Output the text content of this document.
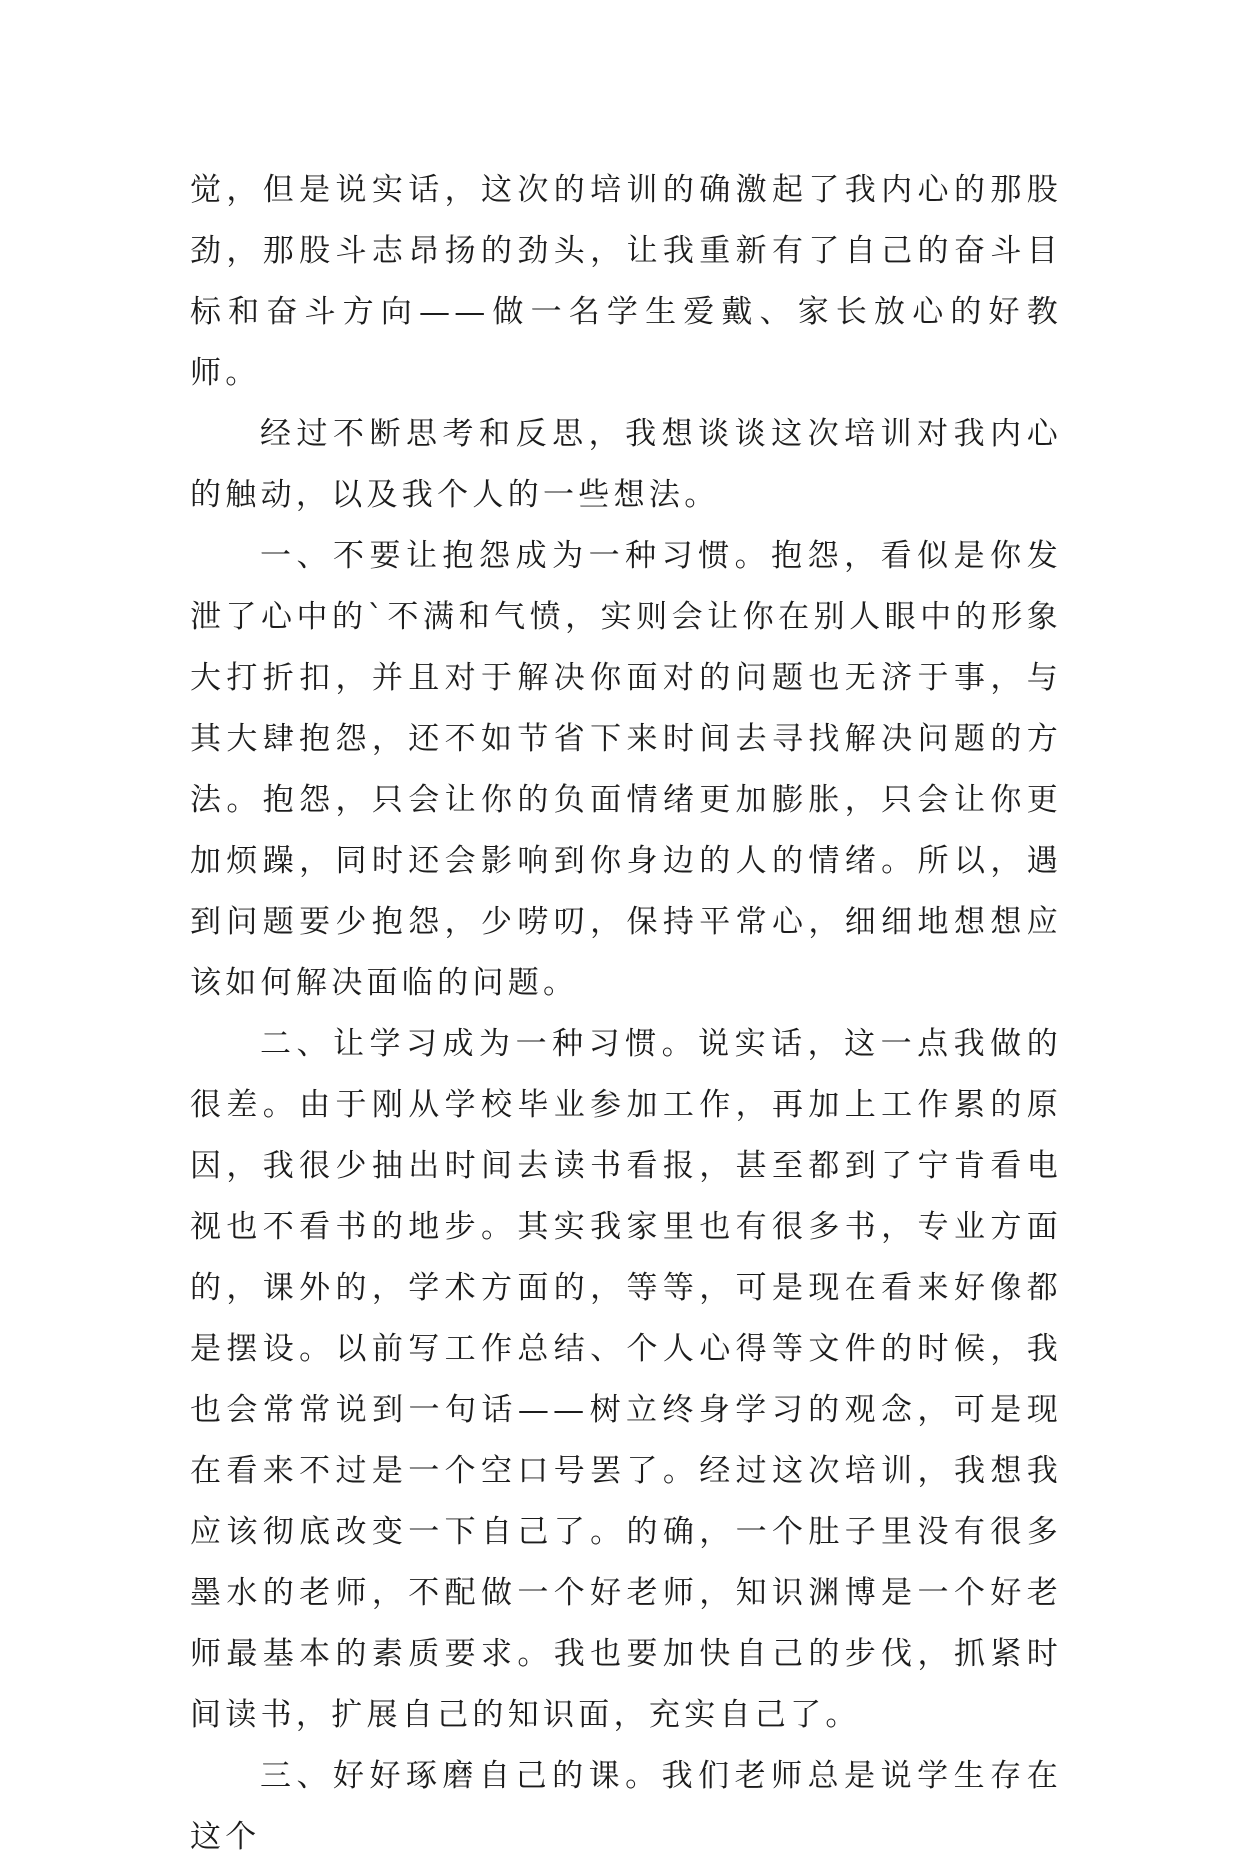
觉，但是说实话，这次的培训的确激起了我内心的那股劲，那股斗志昂扬的劲头，让我重新有了自己的奋斗目标和奋斗方向——做一名学生爱戴、家长放心的好教师。

经过不断思考和反思，我想谈谈这次培训对我内心的触动，以及我个人的一些想法。

一、不要让抱怨成为一种习惯。抱怨，看似是你发泄了心中的`不满和气愤，实则会让你在别人眼中的形象大打折扣，并且对于解决你面对的问题也无济于事，与其大肆抱怨，还不如节省下来时间去寻找解决问题的方法。抱怨，只会让你的负面情绪更加膨胀，只会让你更加烦躁，同时还会影响到你身边的人的情绪。所以，遇到问题要少抱怨，少唠叨，保持平常心，细细地想想应该如何解决面临的问题。

二、让学习成为一种习惯。说实话，这一点我做的很差。由于刚从学校毕业参加工作，再加上工作累的原因，我很少抽出时间去读书看报，甚至都到了宁肯看电视也不看书的地步。其实我家里也有很多书，专业方面的，课外的，学术方面的，等等，可是现在看来好像都是摆设。以前写工作总结、个人心得等文件的时候，我也会常常说到一句话——树立终身学习的观念，可是现在看来不过是一个空口号罢了。经过这次培训，我想我应该彻底改变一下自己了。的确，一个肚子里没有很多墨水的老师，不配做一个好老师，知识渊博是一个好老师最基本的素质要求。我也要加快自己的步伐，抓紧时间读书，扩展自己的知识面，充实自己了。

三、好好琢磨自己的课。我们老师总是说学生存在这个
